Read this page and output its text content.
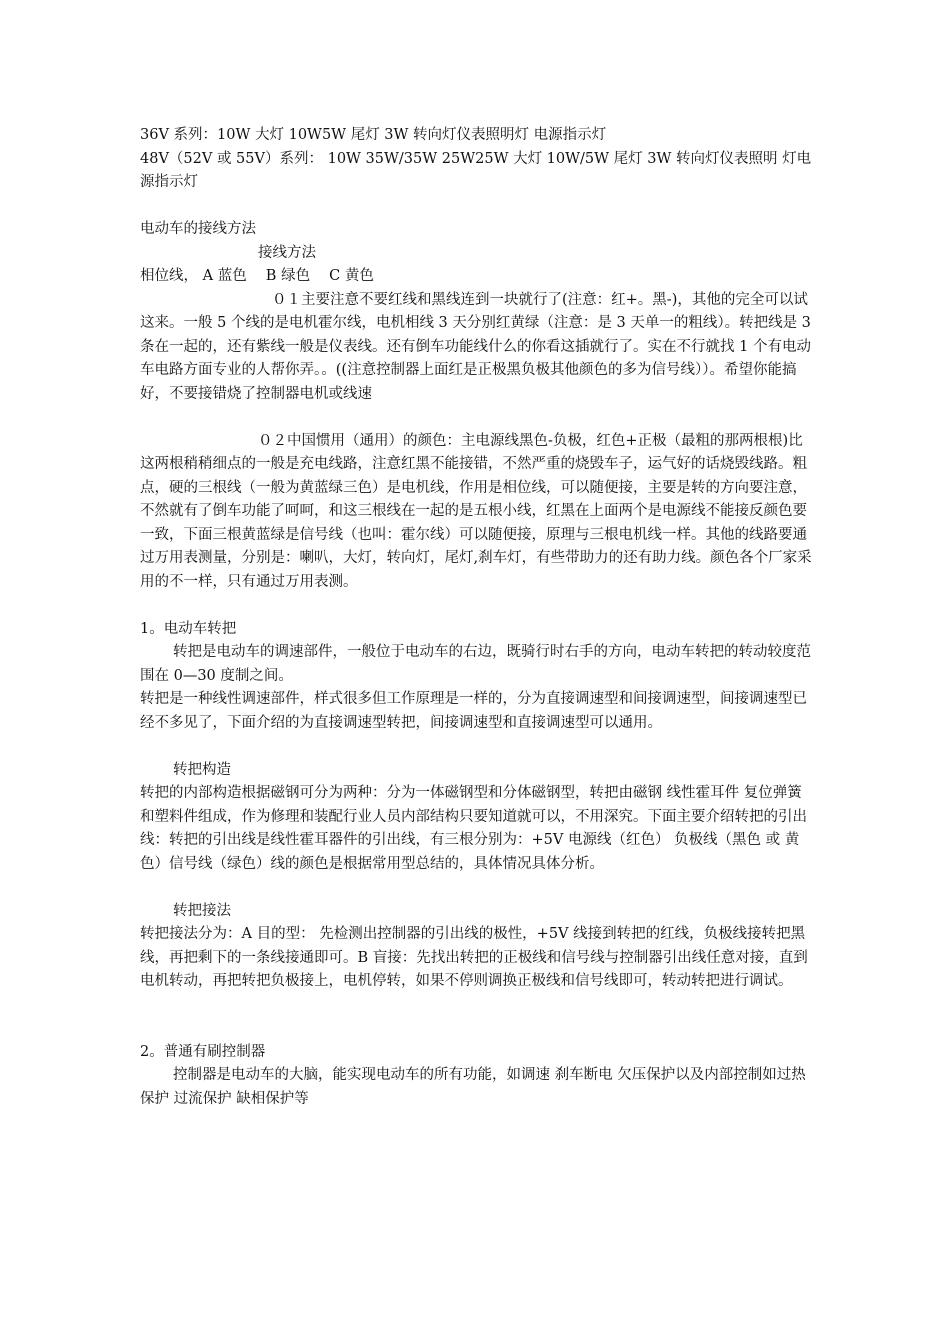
36V 系列：10W 大灯 10W5W 尾灯 3W 转向灯仪表照明灯 电源指示灯

48V（52V 或 55V）系列： 10W 35W/35W 25W25W 大灯 10W/5W 尾灯 3W 转向灯仪表照明 灯电源指示灯

电动车的接线方法

接线方法

相位线， A 蓝色 　B 绿色 　C 黄色

０１主要注意不要红线和黑线连到一块就行了(注意：红+。黑-)，其他的完全可以试这来。一般 5 个线的是电机霍尔线，电机相线 3 天分别红黄绿（注意：是 3 天单一的粗线）。转把线是 3 条在一起的，还有紫线一般是仪表线。还有倒车功能线什么的你看这插就行了。实在不行就找 1 个有电动车电路方面专业的人帮你弄。。((注意控制器上面红是正极黑负极其他颜色的多为信号线））。希望你能搞好，不要接错烧了控制器电机或线速

０２中国惯用（通用）的颜色：主电源线黑色-负极，红色+正极（最粗的那两根根)比这两根稍稍细点的一般是充电线路，注意红黑不能接错，不然严重的烧毁车子，运气好的话烧毁线路。粗点，硬的三根线（一般为黄蓝绿三色）是电机线，作用是相位线，可以随便接，主要是转的方向要注意，不然就有了倒车功能了呵呵，和这三根线在一起的是五根小线，红黑在上面两个是电源线不能接反颜色要一致，下面三根黄蓝绿是信号线（也叫：霍尔线）可以随便接，原理与三根电机线一样。其他的线路要通过万用表测量，分别是：喇叭，大灯，转向灯，尾灯,刹车灯，有些带助力的还有助力线。颜色各个厂家采用的不一样，只有通过万用表测。

1。电动车转把

转把是电动车的调速部件，一般位于电动车的右边，既骑行时右手的方向，电动车转把的转动较度范围在 0—30 度制之间。

转把是一种线性调速部件，样式很多但工作原理是一样的，分为直接调速型和间接调速型，间接调速型已经不多见了，下面介绍的为直接调速型转把，间接调速型和直接调速型可以通用。

转把构造

转把的内部构造根据磁钢可分为两种：分为一体磁钢型和分体磁钢型，转把由磁钢 线性霍耳件 复位弹簧 和塑料件组成，作为修理和装配行业人员内部结构只要知道就可以，不用深究。下面主要介绍转把的引出线：转把的引出线是线性霍耳器件的引出线，有三根分别为：+5V 电源线（红色） 负极线（黑色 或 黄色）信号线（绿色）线的颜色是根据常用型总结的，具体情况具体分析。

转把接法

转把接法分为：A 目的型： 先检测出控制器的引出线的极性，+5V 线接到转把的红线，负极线接转把黑线，再把剩下的一条线接通即可。B 盲接：先找出转把的正极线和信号线与控制器引出线任意对接，直到电机转动，再把转把负极接上，电机停转，如果不停则调换正极线和信号线即可，转动转把进行调试。

2。普通有刷控制器

控制器是电动车的大脑，能实现电动车的所有功能，如调速 刹车断电 欠压保护以及内部控制如过热保护 过流保护 缺相保护等
